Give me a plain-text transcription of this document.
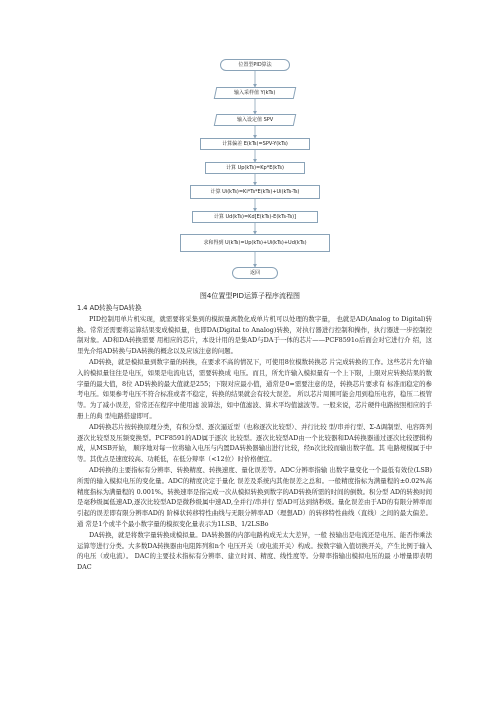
位置型PID算法
输入采样值 Y(kTs)
输入设定值 SPV
计算偏差 E(kTs)=SPV-Y(kTs)
计算 Up(kTs)=Kp*E(kTs)
计算 Ui(kTs)=Ki*Ts*E(kTs)+Ui(kTs-Ts)
计算 Ud(kTs)=Kd[E(kTs)-E(kTs-Ts)]
求和得到 U(kTs)=Up(kTs)+Ui(kTs)+Ud(kTs)
返回
图4位置型PID运算子程序流程图
1.4 AD转换与DA转换

PID控制用单片机实现，就需要将采集到的模拟量离散化成单片机可以处理的数字量， 也就是AD(Analog to Digital)转换。常常还需要将运算结果变成模拟量，也即DA(Digital to Analog)转换，对执行器进行控制和操作，执行器进一步控制控制对象。AD和DA转换需要 用相应的芯片，本设计用的是集AD与DA于一体的芯片——PCF8591o后面会对它进行介 绍，这里先介绍AD转换与DA转换的概念以及应该注意的问题。

AD转换，就是模拟量到数字量的转换，在要求不高的情况下，可使用8位模数转换芯 片完成转换的工作。这些芯片允许输入的模拟量往往是电压，如果是电流电话，需要转换成 电压。而且，所允许输入模拟量有一个上下限，上限对应转换结果的数字量的最大值，8位 AD转换的最大值就是255；下限对应最小值，通常是0=需要注意的是，转换芯片要求有 标准而稳定的参考电压。如果参考电压不符合标准或者不稳定，转换的结果就会有较大误差。 所以芯片周围可能会用到稳压电容，稳压二极管等。为了减小误差，常常还在程序中使用滤 波算法，如中值滤波、算术平均值滤波等。一般来说，芯片硬件电路按照相应的手册上的典 型电路搭建即可。

AD转换芯片按转换原理分类，有积分型、逐次逼近型（也称逐次比较型）、并行比较 型/串并行型、Σ-Δ调制型、电容阵列逐次比较型及压频变换型。PCF8591的AD属于逐次 比较型。逐次比较型AD由一个比较器和DA转换器通过逐次比较逻辑构成，从MSB开始， 顺序地对每一位将输入电压与内置DA转换器输出进行比较，经n次比较而输出数字值。其 电路规模属于中等。其优点是速度较高、功耗低，在低分辩率（<12位）时价格便宜。

AD转换的主要指标有分辨率、转换精度、转换速度、量化误差等。ADC分辨率指输 出数字量变化一个最低有效位(LSB)所需的输入模拟电压的变化量。ADC的精度决定于量化 误差及系统内其他误差之总和。一般精度指标为满量程的±0.02%高精度指标为满量程的 0.001%。转换速率是指完成一次从模拟转换到数字的AD转换所需的时间的倒数。积分型 AD的转换时间是毫秒级属低速AD,逐次比较型AD是微秒级属中速AD,全并行/串并行 型AD可达到纳秒级。量化误差由于AD的有限分辨率而引起的误差即有限分辨率AD的 阶梯状转移特性曲线与无限分辨率AD（理想AD）的转移特性曲线（直线）之间的最大偏差。通 常是1个或半个最小数字量的模拟变化量表示为1LSB、1/2LSBo

DA转换，就是将数字量转换成模拟量。DA转换器的内部电路构成无太大差异，一般 按输出是电流还是电压、能否作乘法运算等进行分类。大多数DA转换器由电阻阵列和n个 电压开关（或电流开关）构成。按数字输入值切换开关，产生比例于输入的电压（或电流）。 DAC的主要技术指标有分辨率、建立时间、精度、线性度等。分辩率指输出模拟电压的最 小增量即表明DAC
